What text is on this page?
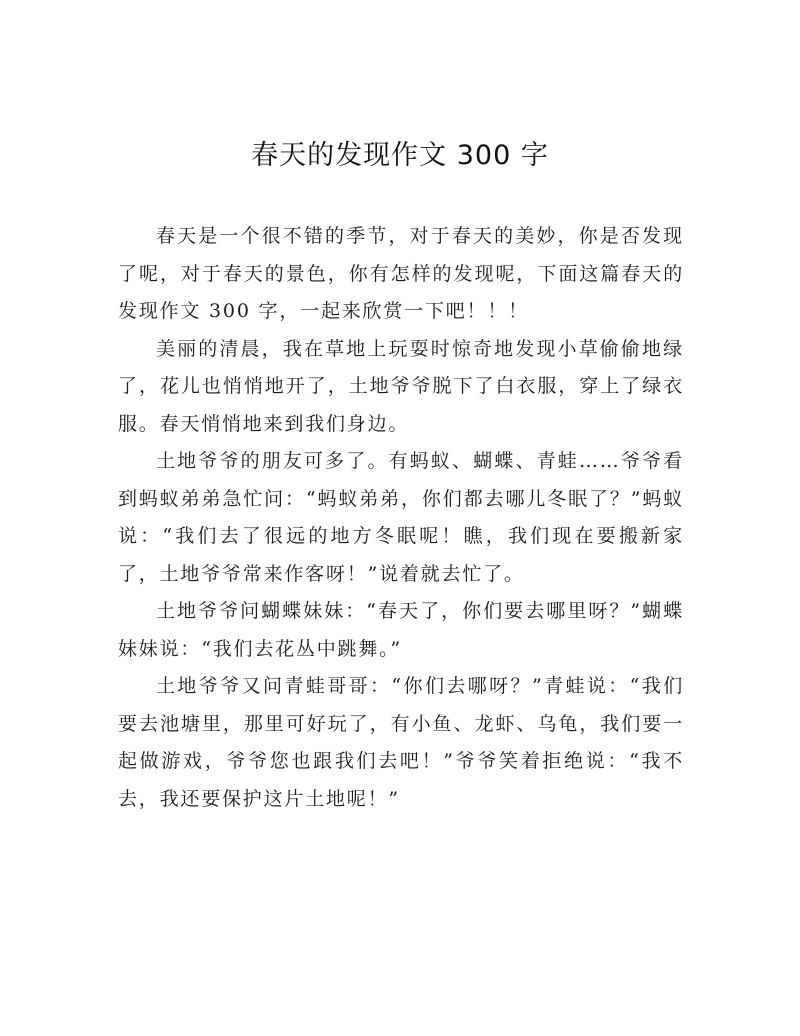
春天的发现作文 300 字

春天是一个很不错的季节，对于春天的美妙，你是否发现了呢，对于春天的景色，你有怎样的发现呢，下面这篇春天的发现作文 300 字，一起来欣赏一下吧！！！

美丽的清晨，我在草地上玩耍时惊奇地发现小草偷偷地绿了，花儿也悄悄地开了，土地爷爷脱下了白衣服，穿上了绿衣服。春天悄悄地来到我们身边。

土地爷爷的朋友可多了。有蚂蚁、蝴蝶、青蛙……爷爷看到蚂蚁弟弟急忙问：“蚂蚁弟弟，你们都去哪儿冬眠了？”蚂蚁说：“我们去了很远的地方冬眠呢！瞧，我们现在要搬新家了，土地爷爷常来作客呀！”说着就去忙了。

土地爷爷问蝴蝶妹妹：“春天了，你们要去哪里呀？”蝴蝶妹妹说：“我们去花丛中跳舞。”

土地爷爷又问青蛙哥哥：“你们去哪呀？”青蛙说：“我们要去池塘里，那里可好玩了，有小鱼、龙虾、乌龟，我们要一起做游戏，爷爷您也跟我们去吧！”爷爷笑着拒绝说：“我不去，我还要保护这片土地呢！”
